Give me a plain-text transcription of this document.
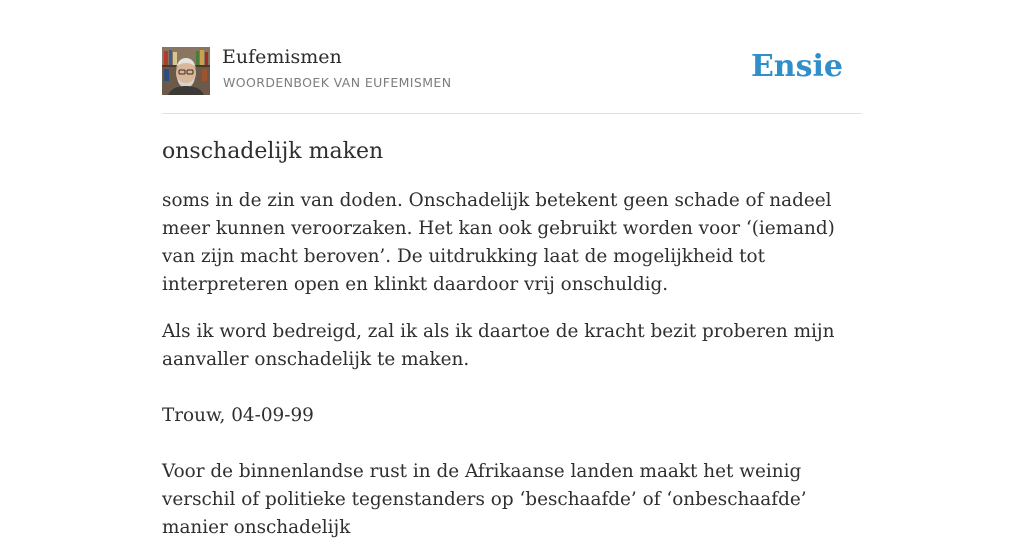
Eufemismen
WOORDENBOEK VAN EUFEMISMEN	Ensie
onschadelijk maken

soms in de zin van doden. Onschadelijk betekent geen schade of nadeel meer kunnen veroorzaken. Het kan ook gebruikt worden voor ‘(iemand) van zijn macht beroven’. De uitdrukking laat de mogelijkheid tot interpreteren open en klinkt daardoor vrij onschuldig.

Als ik word bedreigd, zal ik als ik daartoe de kracht bezit proberen mijn aanvaller onschadelijk te maken.
Trouw, 04-09-99
Voor de binnenlandse rust in de Afrikaanse landen maakt het weinig verschil of politieke tegenstanders op ‘beschaafde’ of ‘onbeschaafde’ manier onschadelijk
